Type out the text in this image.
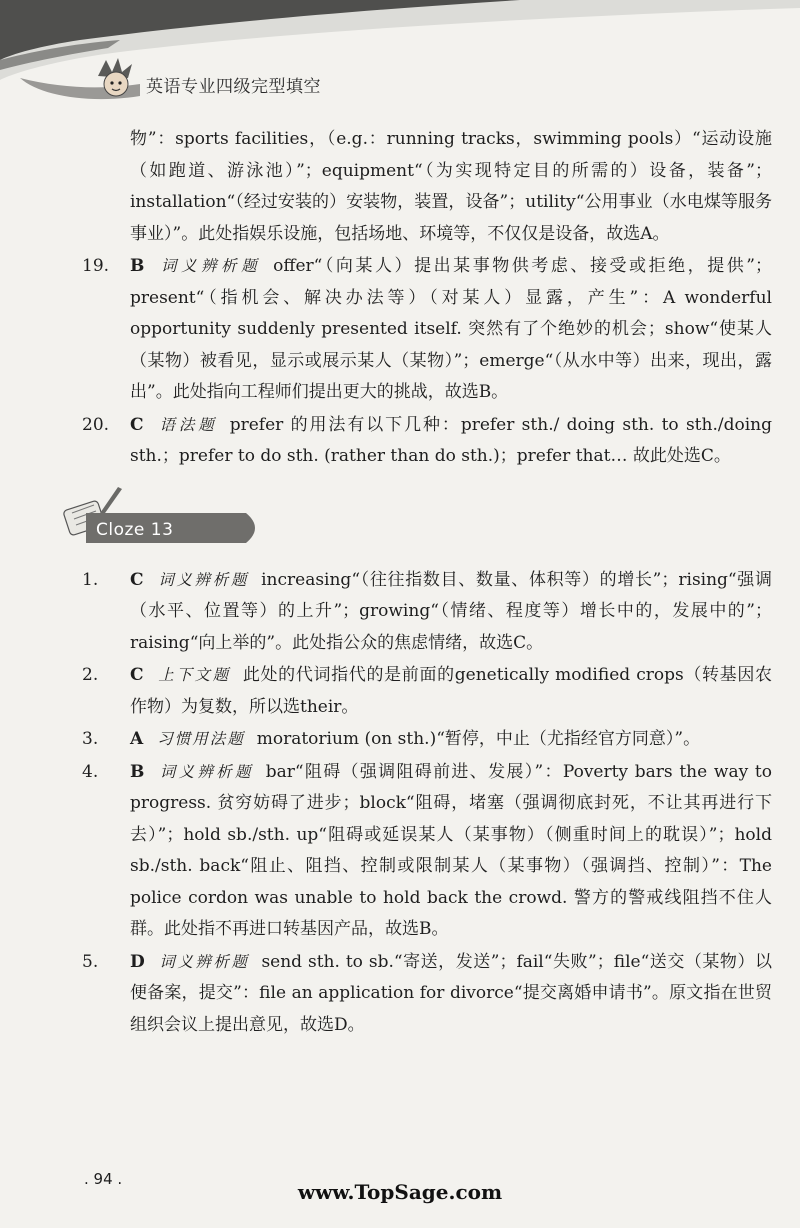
英语专业四级完型填空
物”：sports facilities，（e.g.：running tracks，swimming pools）“运动设施（如跑道、游泳池）”；equipment“（为实现特定目的所需的）设备，装备”；installation“（经过安装的）安装物，装置，设备”；utility“公用事业（水电煤等服务事业）”。此处指娱乐设施，包括场地、环境等，不仅仅是设备，故选A。
19.	B 词义辨析题 offer“（向某人）提出某事物供考虑、接受或拒绝，提供”；present“（指机会、解决办法等）（对某人）显露，产生”：A wonderful opportunity suddenly presented itself. 突然有了个绝妙的机会；show“使某人（某物）被看见，显示或展示某人（某物）”；emerge“（从水中等）出来，现出，露出”。此处指向工程师们提出更大的挑战，故选B。
20.	C 语法题 prefer 的用法有以下几种：prefer sth./ doing sth. to sth./doing sth.；prefer to do sth. (rather than do sth.)；prefer that… 故此处选C。
Cloze 13
1.	C 词义辨析题 increasing“（往往指数目、数量、体积等）的增长”；rising“强调（水平、位置等）的上升”；growing“（情绪、程度等）增长中的，发展中的”；raising“向上举的”。此处指公众的焦虑情绪，故选C。
2.	C 上下文题 此处的代词指代的是前面的genetically modified crops（转基因农作物）为复数，所以选their。
3.	A 习惯用法题 moratorium (on sth.)“暂停，中止（尤指经官方同意）”。
4.	B 词义辨析题 bar“阻碍（强调阻碍前进、发展）”：Poverty bars the way to progress. 贫穷妨碍了进步；block“阻碍，堵塞（强调彻底封死，不让其再进行下去）”；hold sb./sth. up“阻碍或延误某人（某事物）（侧重时间上的耽误）”；hold sb./sth. back“阻止、阻挡、控制或限制某人（某事物）（强调挡、控制）”：The police cordon was unable to hold back the crowd. 警方的警戒线阻挡不住人群。此处指不再进口转基因产品，故选B。
5.	D 词义辨析题 send sth. to sb.“寄送，发送”；fail“失败”；file“送交（某物）以便备案，提交”：file an application for divorce“提交离婚申请书”。原文指在世贸组织会议上提出意见，故选D。
. 94 .
www.TopSage.com
